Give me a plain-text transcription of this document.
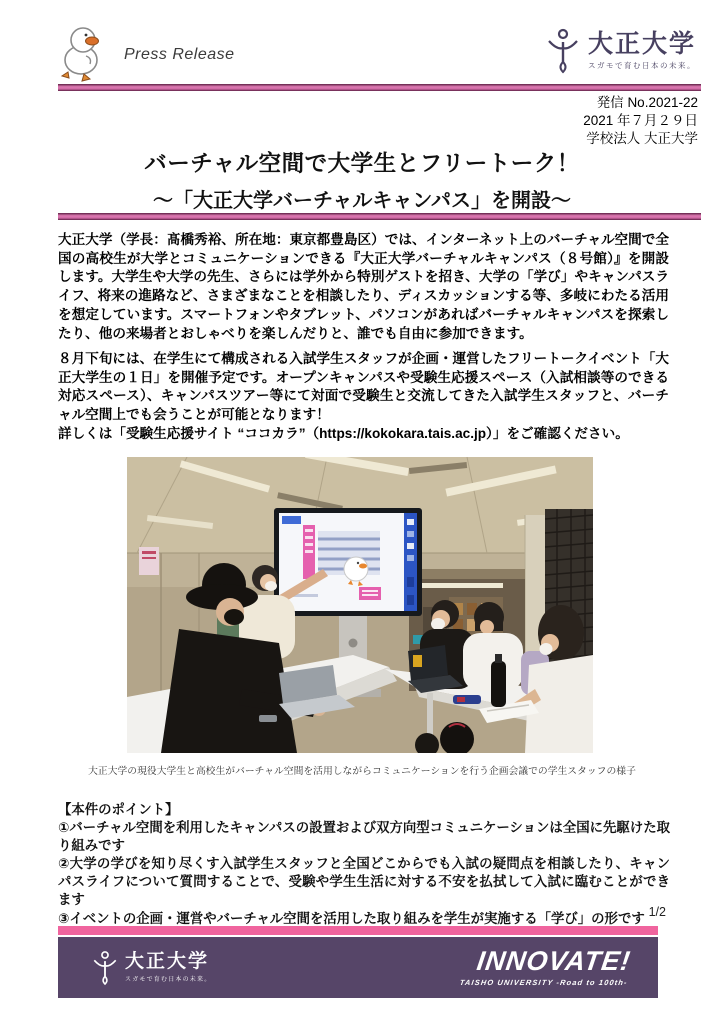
Press Release	大正大学
スガモで育む日本の未来。
発信 No.2021-22
2021 年７月２９日
学校法人 大正大学
バーチャル空間で大学生とフリートーク！
～「大正大学バーチャルキャンパス」を開設～
大正大学（学長：髙橋秀裕、所在地：東京都豊島区）では、インターネット上のバーチャル空間で全国の高校生が大学とコミュニケーションできる『大正大学バーチャルキャンパス（８号館）』を開設します。大学生や大学の先生、さらには学外から特別ゲストを招き、大学の「学び」やキャンパスライフ、将来の進路など、さまざまなことを相談したり、ディスカッションする等、多岐にわたる活用を想定しています。スマートフォンやタブレット、パソコンがあればバーチャルキャンパスを探索したり、他の来場者とおしゃべりを楽しんだりと、誰でも自由に参加できます。
８月下旬には、在学生にて構成される入試学生スタッフが企画・運営したフリートークイベント「大正大学生の１日」を開催予定です。オープンキャンパスや受験生応援スペース（入試相談等のできる対応スペース）、キャンパスツアー等にて対面で受験生と交流してきた入試学生スタッフと、バーチャル空間上でも会うことが可能となります！
詳しくは「受験生応援サイト “ココカラ”（https://kokokara.tais.ac.jp）」をご確認ください。
大正大学の現役大学生と高校生がバーチャル空間を活用しながらコミュニケーションを行う企画会議での学生スタッフの様子
【本件のポイント】
①バーチャル空間を利用したキャンパスの設置および双方向型コミュニケーションは全国に先駆けた取り組みです
②大学の学びを知り尽くす入試学生スタッフと全国どこからでも入試の疑問点を相談したり、キャンパスライフについて質問することで、受験や学生生活に対する不安を払拭して入試に臨むことができます
③イベントの企画・運営やバーチャル空間を活用した取り組みを学生が実施する「学び」の形です 1/2
大正大学
スガモで育む日本の未来。
INNOVATE!
TAISHO UNIVERSITY -Road to 100th-
